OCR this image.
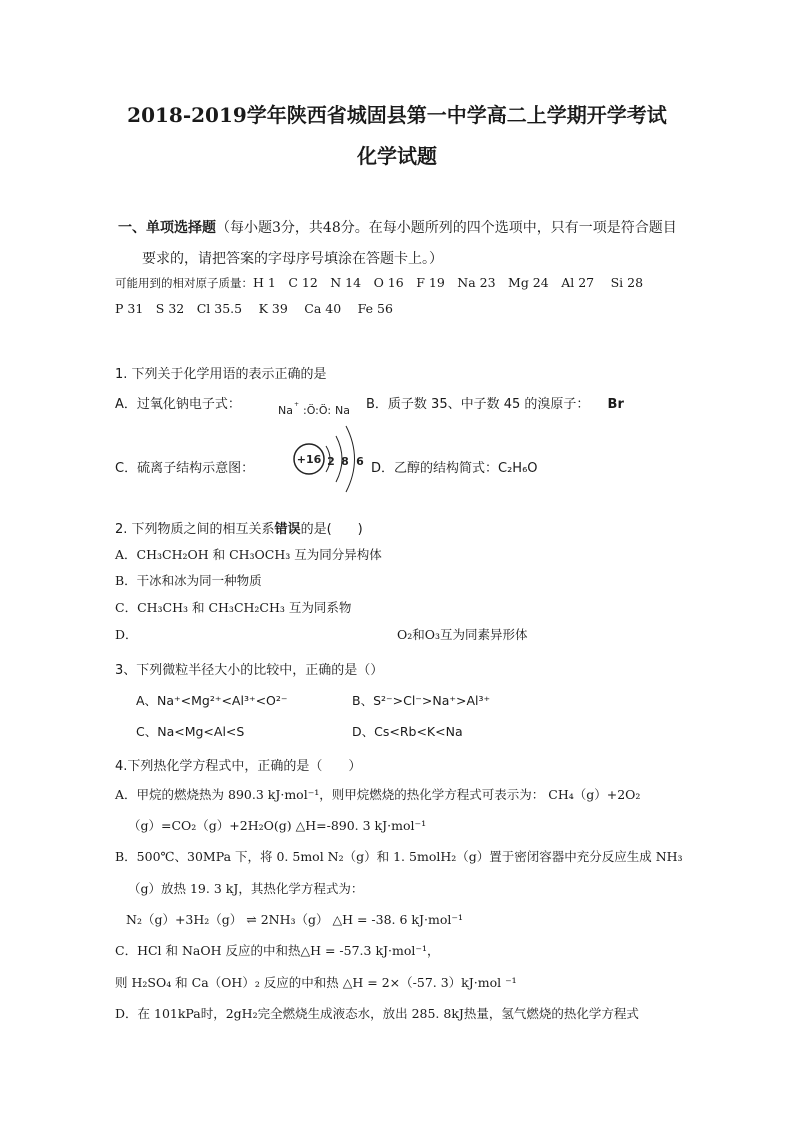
2018-2019学年陕西省城固县第一中学高二上学期开学考试
化学试题
一、单项选择题（每小题3分，共48分。在每小题所列的四个选项中，只有一项是符合题目
要求的，请把答案的字母序号填涂在答题卡上。）
可能用到的相对原子质量：H 1　C 12　N 14　O 16　F 19　Na 23　Mg 24　Al 27　 Si 28
P 31　S 32　Cl 35.5　 K 39　 Ca 40　 Fe 56
1. 下列关于化学用语的表示正确的是
A．过氧化钠电子式：	Na + :Ö:Ö: Na B．质子数 35、中子数 45 的溴原子： Br
C．硫离子结构示意图：
+16 2 8 6 D．乙醇的结构简式：C₂H₆O
2. 下列物质之间的相互关系错误的是(　　)
A．CH₃CH₂OH 和 CH₃OCH₃ 互为同分异构体
B．干冰和冰为同一种物质
C．CH₃CH₃ 和 CH₃CH₂CH₃ 互为同系物
D．	O₂和O₃互为同素异形体
3、下列微粒半径大小的比较中，正确的是（）
A、Na⁺<Mg²⁺<Al³⁺<O²⁻	B、S²⁻>Cl⁻>Na⁺>Al³⁺
C、Na<Mg<Al<S	D、Cs<Rb<K<Na
4.下列热化学方程式中，正确的是（　　）
A．甲烷的燃烧热为 890.3 kJ·mol⁻¹，则甲烷燃烧的热化学方程式可表示为： CH₄（g）+2O₂
（g）=CO₂（g）+2H₂O(g) △H=-890. 3 kJ·mol⁻¹
B．500℃、30MPa 下，将 0. 5mol N₂（g）和 1. 5molH₂（g）置于密闭容器中充分反应生成 NH₃
（g）放热 19. 3 kJ，其热化学方程式为：
N₂（g）+3H₂（g） ⇌ 2NH₃（g） △H = -38. 6 kJ·mol⁻¹
C．HCl 和 NaOH 反应的中和热△H = -57.3 kJ·mol⁻¹，
则 H₂SO₄ 和 Ca（OH）₂ 反应的中和热 △H = 2×（-57. 3）kJ·mol ⁻¹
D．在 101kPa时，2gH₂完全燃烧生成液态水，放出 285. 8kJ热量，氢气燃烧的热化学方程式
